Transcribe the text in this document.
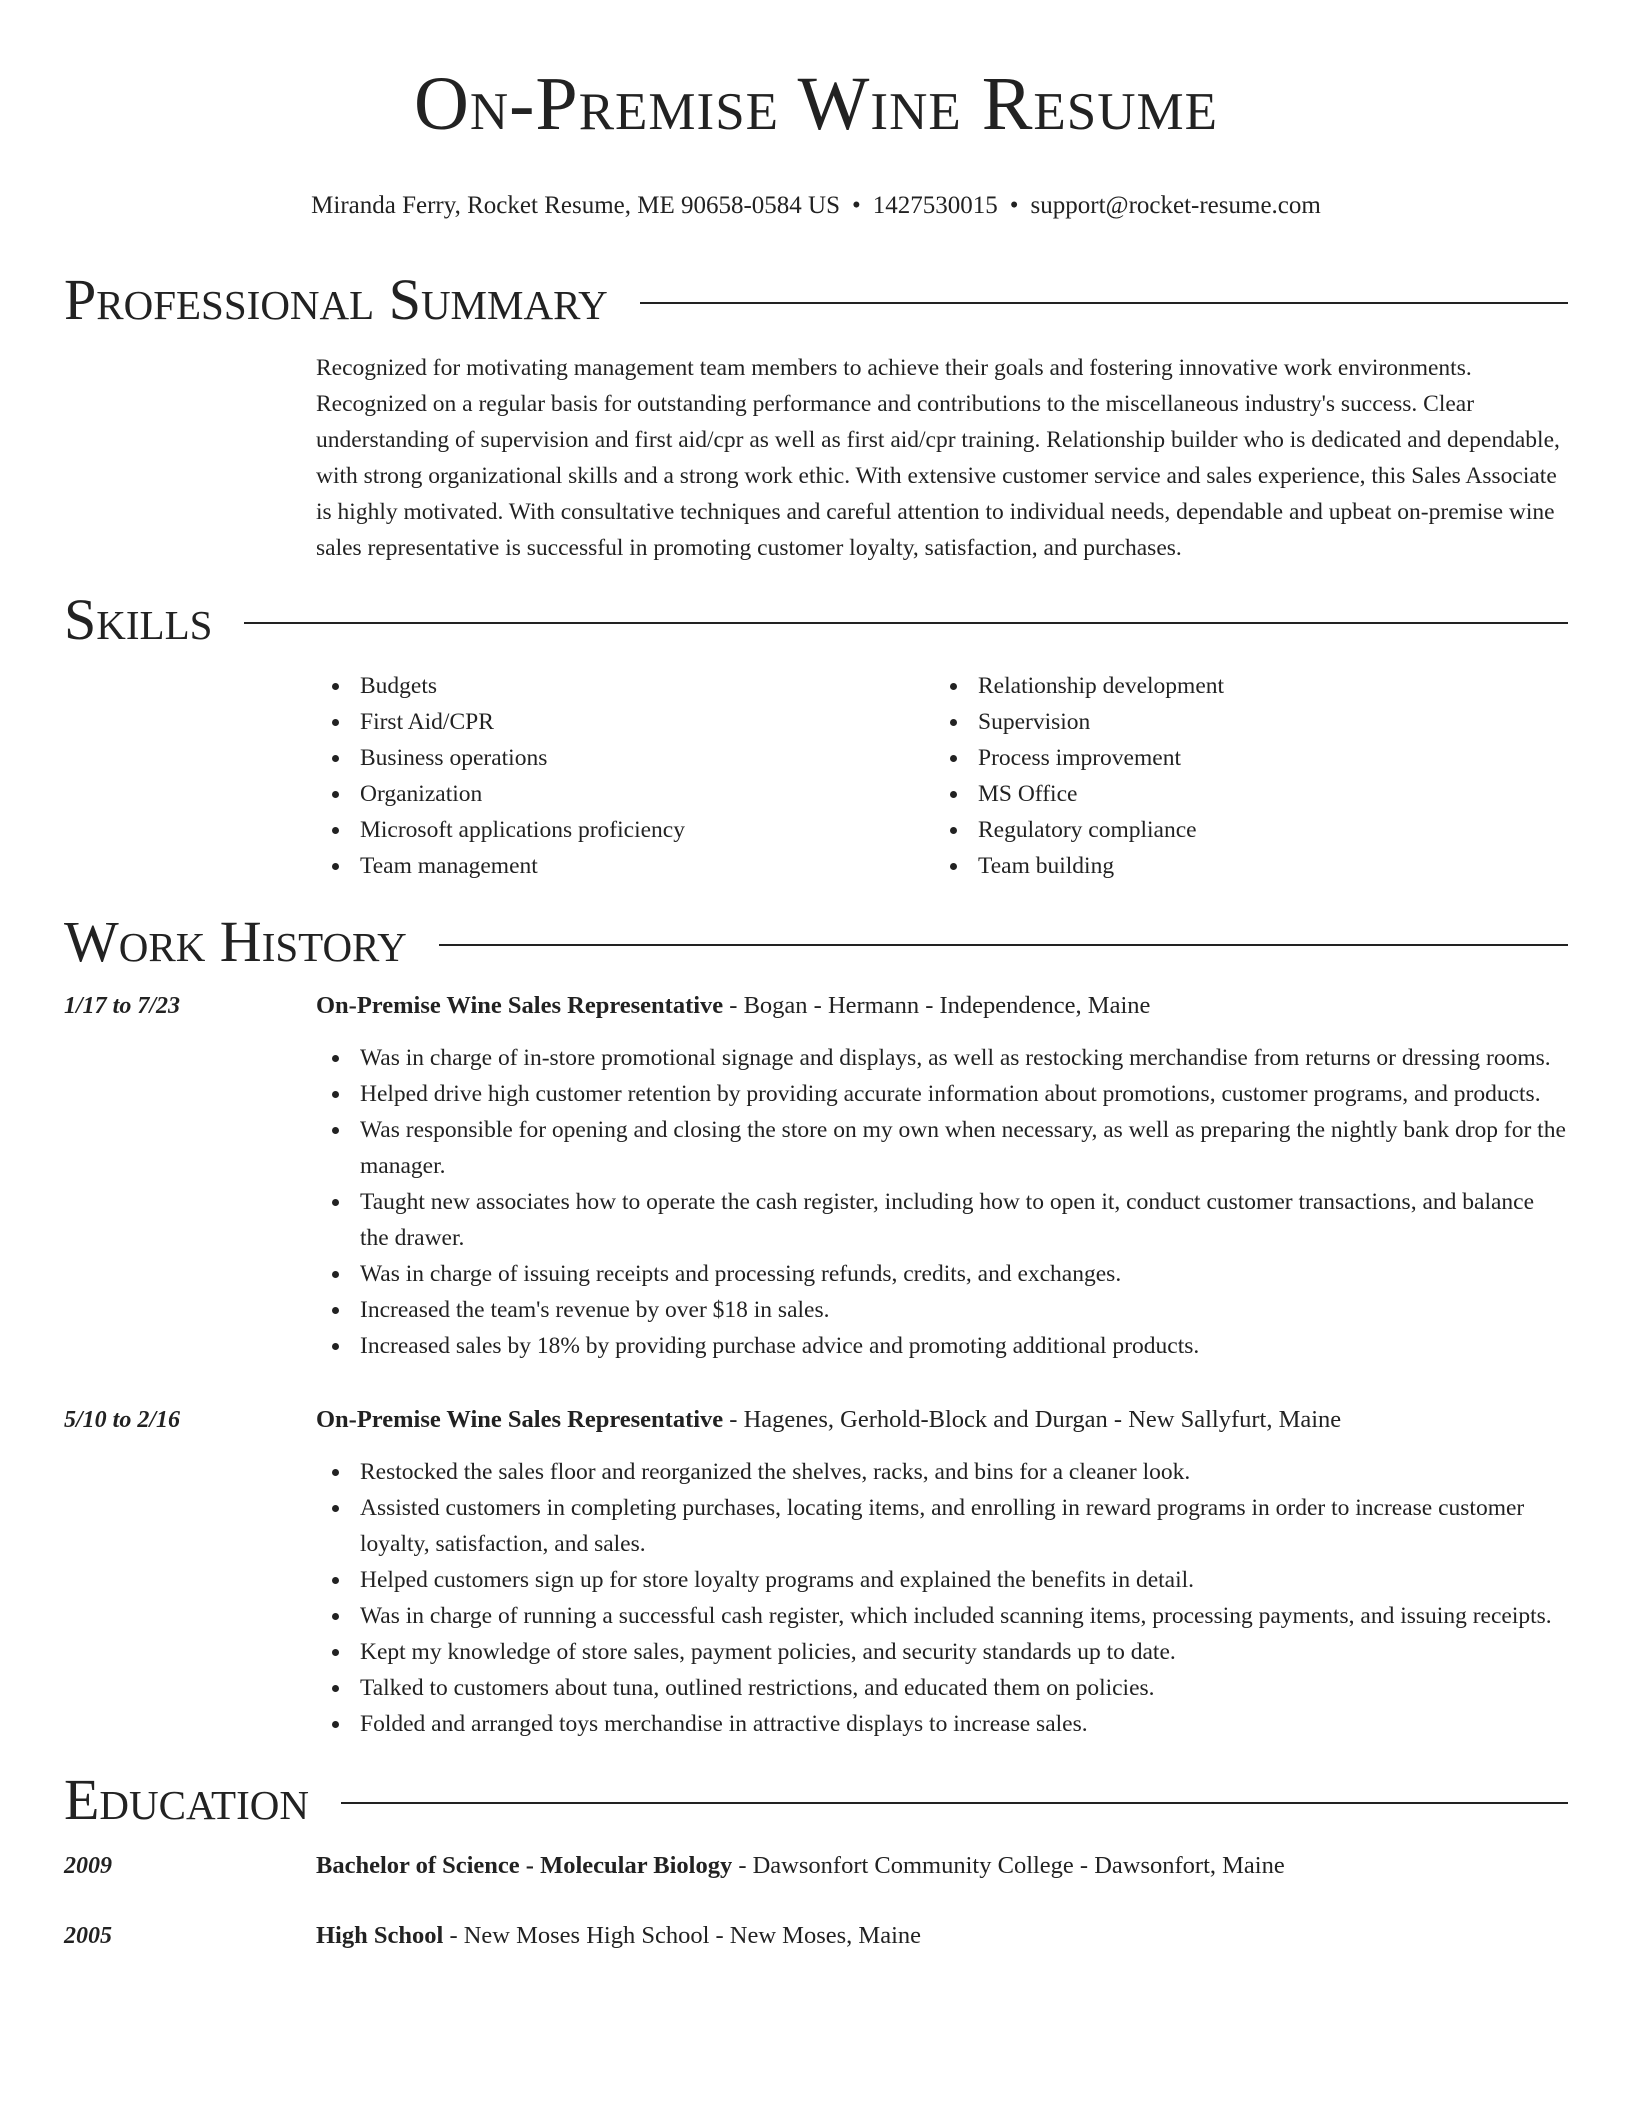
On-Premise Wine Resume
Miranda Ferry, Rocket Resume, ME 90658-0584 US • 1427530015 • support@rocket-resume.com
Professional Summary

Recognized for motivating management team members to achieve their goals and fostering innovative work environments. Recognized on a regular basis for outstanding performance and contributions to the miscellaneous industry's success. Clear understanding of supervision and first aid/cpr as well as first aid/cpr training. Relationship builder who is dedicated and dependable, with strong organizational skills and a strong work ethic. With extensive customer service and sales experience, this Sales Associate is highly motivated. With consultative techniques and careful attention to individual needs, dependable and upbeat on-premise wine sales representative is successful in promoting customer loyalty, satisfaction, and purchases.

Skills
Budgets
First Aid/CPR
Business operations
Organization
Microsoft applications proficiency
Team management
Relationship development
Supervision
Process improvement
MS Office
Regulatory compliance
Team building
Work History
1/17 to 7/23	On-Premise Wine Sales Representative - Bogan - Hermann - Independence, Maine
Was in charge of in-store promotional signage and displays, as well as restocking merchandise from returns or dressing rooms.
Helped drive high customer retention by providing accurate information about promotions, customer programs, and products.
Was responsible for opening and closing the store on my own when necessary, as well as preparing the nightly bank drop for the manager.
Taught new associates how to operate the cash register, including how to open it, conduct customer transactions, and balance the drawer.
Was in charge of issuing receipts and processing refunds, credits, and exchanges.
Increased the team's revenue by over $18 in sales.
Increased sales by 18% by providing purchase advice and promoting additional products.
5/10 to 2/16	On-Premise Wine Sales Representative - Hagenes, Gerhold-Block and Durgan - New Sallyfurt, Maine
Restocked the sales floor and reorganized the shelves, racks, and bins for a cleaner look.
Assisted customers in completing purchases, locating items, and enrolling in reward programs in order to increase customer loyalty, satisfaction, and sales.
Helped customers sign up for store loyalty programs and explained the benefits in detail.
Was in charge of running a successful cash register, which included scanning items, processing payments, and issuing receipts.
Kept my knowledge of store sales, payment policies, and security standards up to date.
Talked to customers about tuna, outlined restrictions, and educated them on policies.
Folded and arranged toys merchandise in attractive displays to increase sales.
Education
2009	Bachelor of Science - Molecular Biology - Dawsonfort Community College - Dawsonfort, Maine
2005	High School - New Moses High School - New Moses, Maine
